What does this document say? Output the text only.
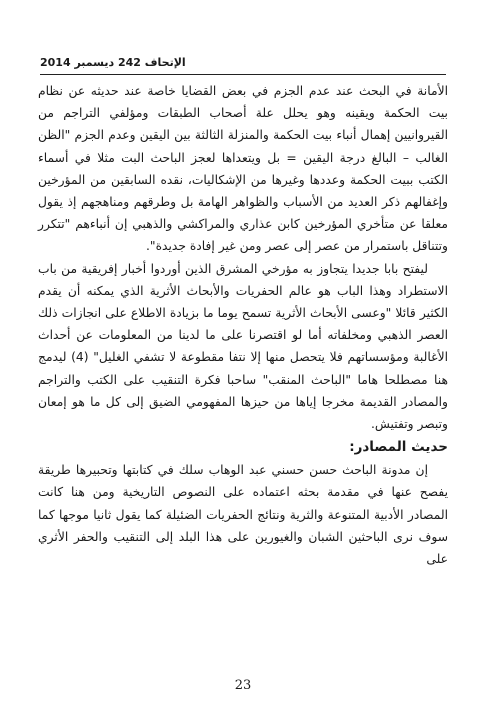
الإتحاف 242 ديسمبر 2014

الأمانة في البحث عند عدم الجزم في بعض القضايا خاصة عند حديثه عن نظام بيت الحكمة ويقينه وهو يحلل علة أصحاب الطبقات ومؤلفي التراجم من القيروانيين إهمال أنباء بيت الحكمة والمنزلة الثالثة بين اليقين وعدم الجزم "الظن الغالب – البالغ درجة اليقين = بل ويتعداها لعجز الباحث البت مثلا في أسماء الكتب ببيت الحكمة وعددها وغيرها من الإشكاليات، نقده السابقين من المؤرخين وإغفالهم ذكر العديد من الأسباب والظواهر الهامة بل وطرقهم ومناهجهم إذ يقول معلقا عن متأخري المؤرخين كابن عذاري والمراكشي والذهبي إن أنباءهم "تتكرر وتتناقل باستمرار من عصر إلى عصر ومن غير إفادة جديدة".

ليفتح بابا جديدا يتجاوز به مؤرخي المشرق الذين أوردوا أخبار إفريقية من باب الاستطراد وهذا الباب هو عالم الحفريات والأبحاث الأثرية الذي يمكنه أن يقدم الكثير قائلا "وعسى الأبحاث الأثرية تسمح يوما ما بزيادة الاطلاع على انجازات ذلك العصر الذهبي ومخلفاته أما لو اقتصرنا على ما لدينا من المعلومات عن أحداث الأغالبة ومؤسساتهم فلا يتحصل منها إلا نتفا مقطوعة لا تشفي الغليل" (4) ليدمج هنا مصطلحا هاما "الباحث المنقب" ساحبا فكرة التنقيب على الكتب والتراجم والمصادر القديمة مخرجا إياها من حيزها المفهومي الضيق إلى كل ما هو إمعان وتبصر وتفتيش.

حديث المصادر:

إن مدونة الباحث حسن حسني عبد الوهاب سلك في كتابتها وتحبيرها طريقة يفصح عنها في مقدمة بحثه اعتماده على النصوص التاريخية ومن هنا كانت المصادر الأدبية المتنوعة والثرية ونتائج الحفريات الضئيلة كما يقول ثانيا موجها كما سوف نرى الباحثين الشبان والغيورين على هذا البلد إلى التنقيب والحفر الأثري على

23
